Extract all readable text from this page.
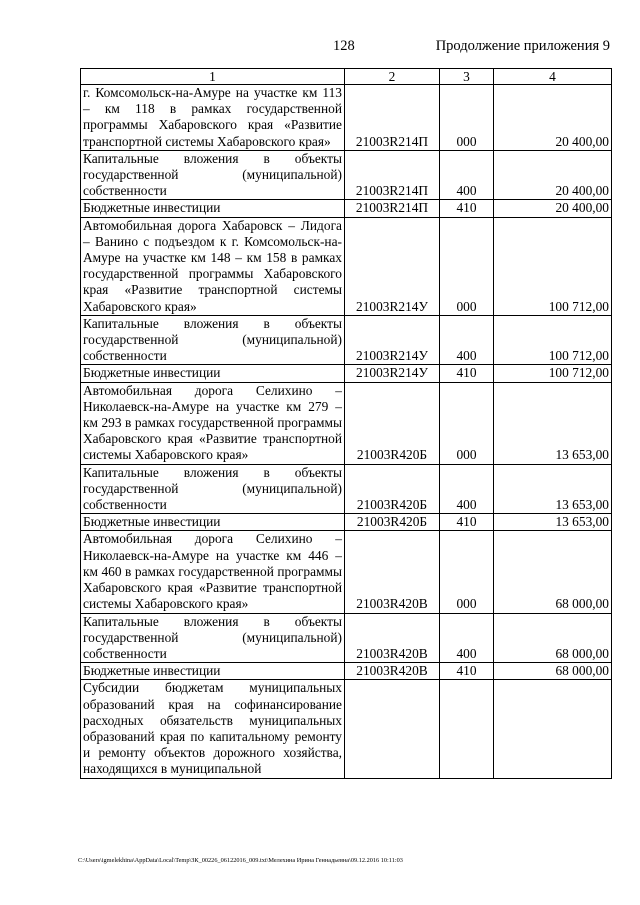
128	Продолжение приложения 9
1	2	3	4
г. Комсомольск-на-Амуре на участке км 113 – км 118 в рамках государственной программы Хабаровского края «Развитие транспортной системы Хабаровского края»	21003R214П	000	20 400,00
Капитальные вложения в объекты государственной (муниципальной) собственности	21003R214П	400	20 400,00
Бюджетные инвестиции	21003R214П	410	20 400,00
Автомобильная дорога Хабаровск – Лидога – Ванино с подъездом к г. Комсомольск-на-Амуре на участке км 148 – км 158 в рамках государственной программы Хабаровского края «Развитие транспортной системы Хабаровского края»	21003R214У	000	100 712,00
Капитальные вложения в объекты государственной (муниципальной) собственности	21003R214У	400	100 712,00
Бюджетные инвестиции	21003R214У	410	100 712,00
Автомобильная дорога Селихино – Николаевск-на-Амуре на участке км 279 – км 293 в рамках государственной программы Хабаровского края «Развитие транспортной системы Хабаровского края»	21003R420Б	000	13 653,00
Капитальные вложения в объекты государственной (муниципальной) собственности	21003R420Б	400	13 653,00
Бюджетные инвестиции	21003R420Б	410	13 653,00
Автомобильная дорога Селихино – Николаевск-на-Амуре на участке км 446 – км 460 в рамках государственной программы Хабаровского края «Развитие транспортной системы Хабаровского края»	21003R420В	000	68 000,00
Капитальные вложения в объекты государственной (муниципальной) собственности	21003R420В	400	68 000,00
Бюджетные инвестиции	21003R420В	410	68 000,00
Субсидии бюджетам муниципальных образований края на софинансирование расходных обязательств муниципальных образований края по капитальному ремонту и ремонту объектов дорожного хозяйства, находящихся в муниципальной			
C:\Users\igmelekhina\AppData\Local\Temp\ЗК_00226_06122016_009.txt\Мелехина Ирина Геннадьевна\09.12.2016 10:11:03
